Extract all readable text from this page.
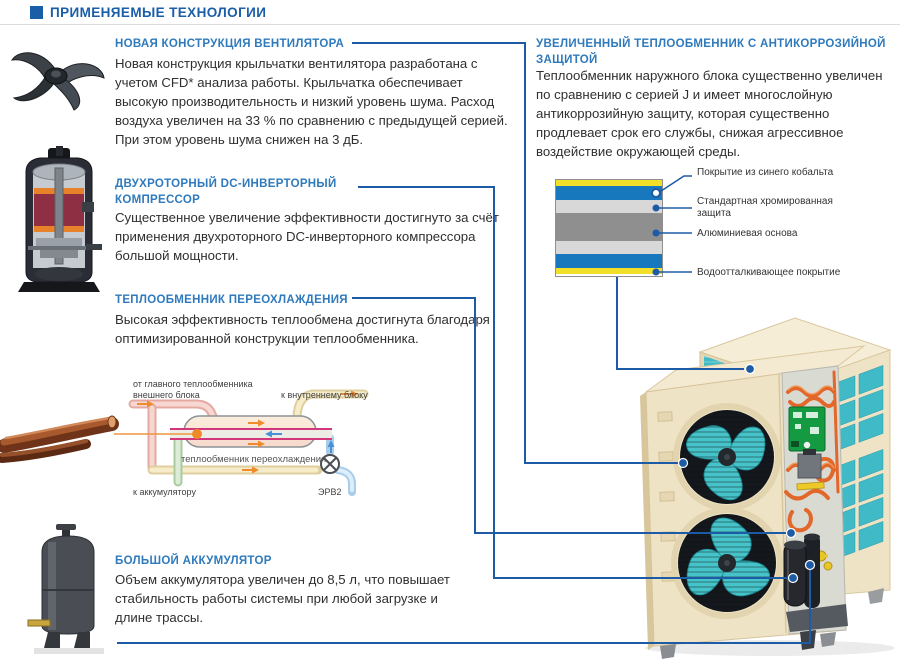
ПРИМЕНЯЕМЫЕ ТЕХНОЛОГИИ
НОВАЯ КОНСТРУКЦИЯ ВЕНТИЛЯТОРА
Новая конструкция крыльчатки вентилятора разработана с учетом CFD* анализа работы. Крыльчатка обеспечивает высокую производительность и низкий уровень шума. Расход воздуха увеличен на 33 % по сравнению с предыдущей серией. При этом уровень шума снижен на 3 дБ.
ДВУХРОТОРНЫЙ DC-ИНВЕРТОРНЫЙ КОМПРЕССОР
Существенное увеличение эффективности достигнуто за счёт применения двухроторного DC-инверторного компрессора большой мощности.
ТЕПЛООБМЕННИК ПЕРЕОХЛАЖДЕНИЯ
Высокая эффективность теплообмена достигнута благодаря оптимизированной конструкции теплообменника.
БОЛЬШОЙ АККУМУЛЯТОР
Объем аккумулятора увеличен до 8,5 л, что повышает стабильность работы системы при любой загрузке и длине трассы.
УВЕЛИЧЕННЫЙ ТЕПЛООБМЕННИК С АНТИКОРРОЗИЙНОЙ ЗАЩИТОЙ
Теплообменник наружного блока существенно увеличен по сравнению с серией J и имеет многослойную антикоррозийную защиту, которая существенно продлевает срок его службы, снижая агрессивное воздействие окружающей среды.
Покрытие из синего кобальта
Стандартная хромированная
защита
Алюминиевая основа
Водоотталкивающее покрытие
от главного теплообменника
внешнего блока	к внутреннему блоку
теплообменник переохлаждения
к аккумулятору	ЭРВ2
